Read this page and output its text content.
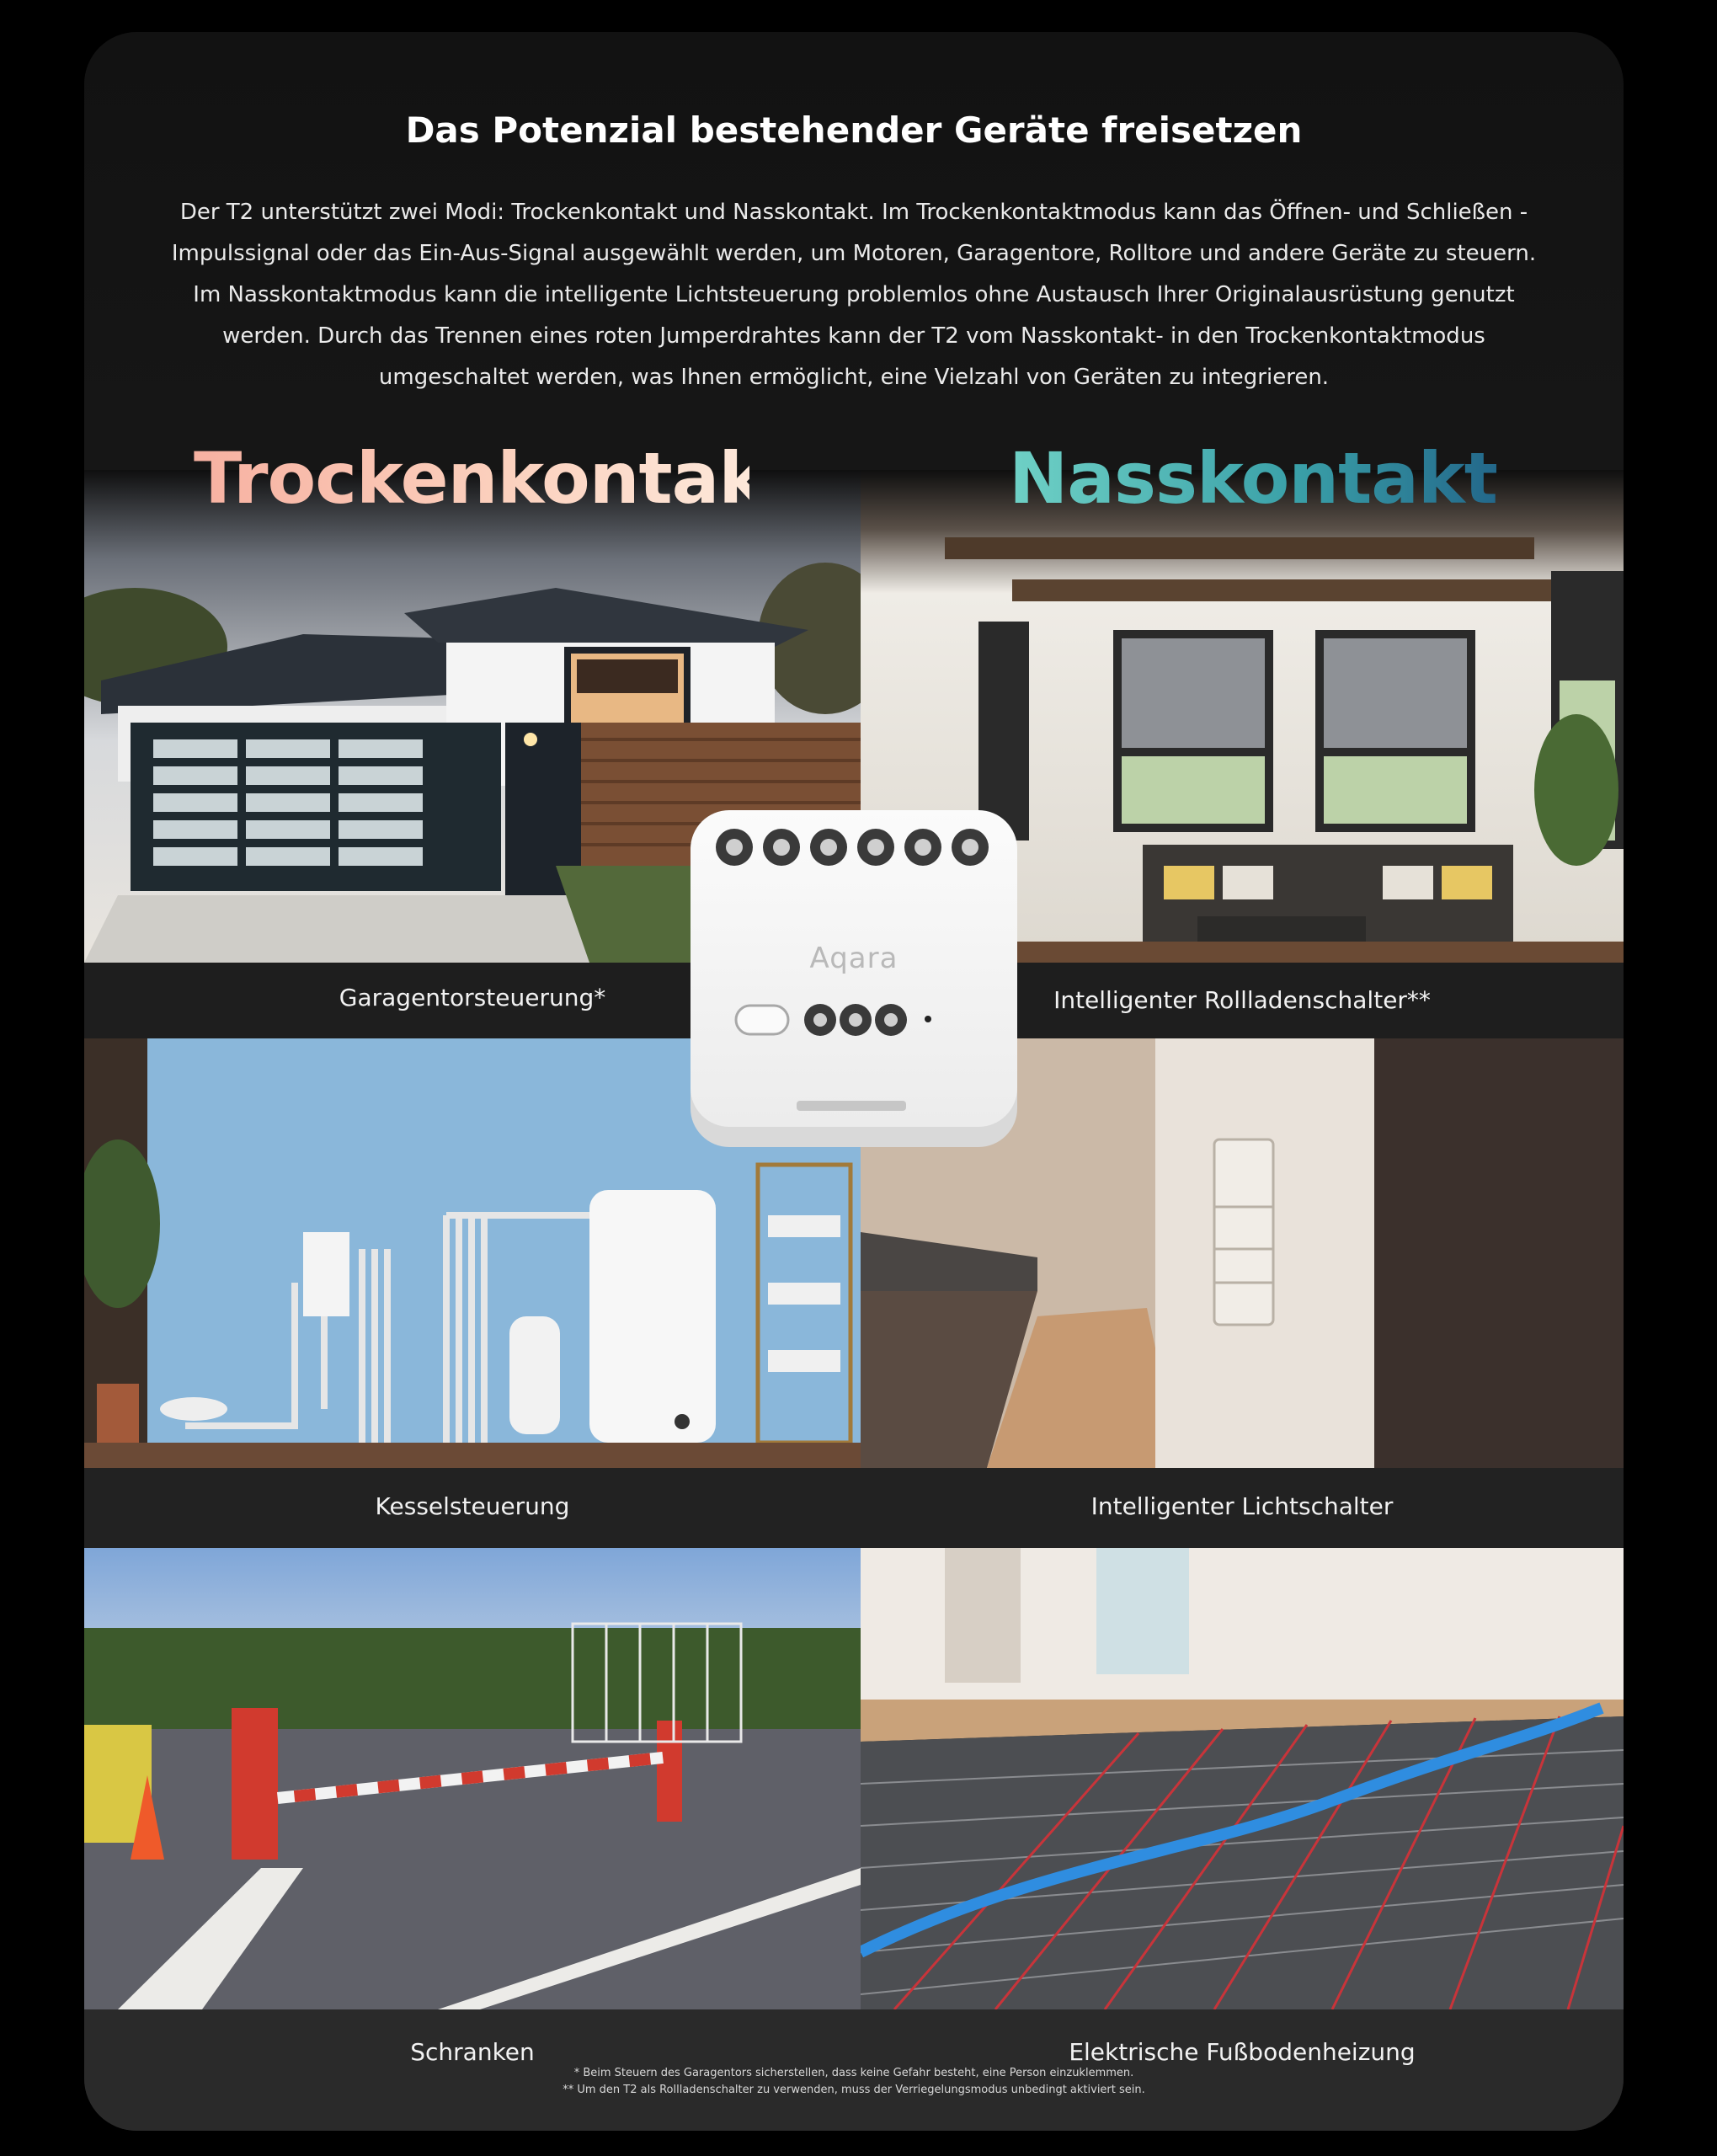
Das Potenzial bestehender Geräte freisetzen

Der T2 unterstützt zwei Modi: Trockenkontakt und Nasskontakt. Im Trockenkontaktmodus kann das Öffnen- und Schließen -Impulssignal oder das Ein-Aus-Signal ausgewählt werden, um Motoren, Garagentore, Rolltore und andere Geräte zu steuern. Im Nasskontaktmodus kann die intelligente Lichtsteuerung problemlos ohne Austausch Ihrer Originalausrüstung genutzt werden. Durch das Trennen eines roten Jumperdrahtes kann der T2 vom Nasskontakt- in den Trockenkontaktmodus umgeschaltet werden, was Ihnen ermöglicht, eine Vielzahl von Geräten zu integrieren.

Trockenkontakt	Nasskontakt
Garagentorsteuerung*	Intelligenter Rollladenschalter**
Kesselsteuerung	Intelligenter Lichtschalter
Schranken	Elektrische Fußbodenheizung
Aqara
* Beim Steuern des Garagentors sicherstellen, dass keine Gefahr besteht, eine Person einzuklemmen.
** Um den T2 als Rollladenschalter zu verwenden, muss der Verriegelungsmodus unbedingt aktiviert sein.
